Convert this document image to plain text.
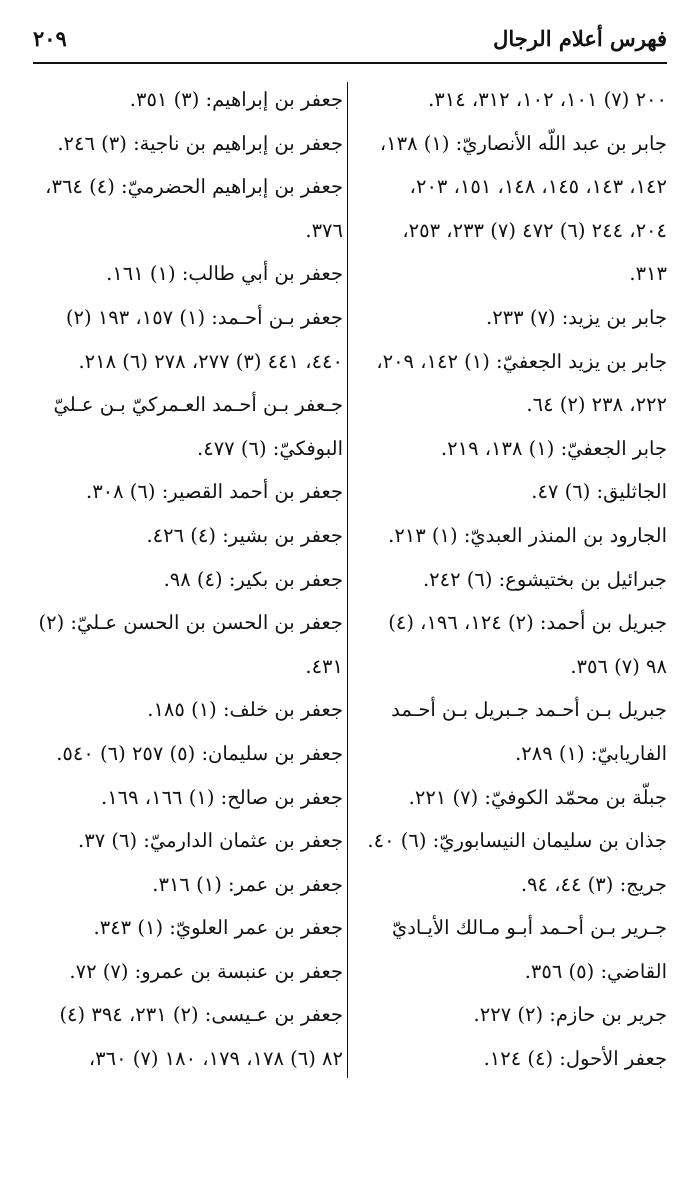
فهرس أعلام الرجال
٢٠٩
٢٠٠ (٧) ١٠١، ١٠٢، ٣١٢، ٣١٤.
جابر بن عبد اللّه الأنصاريّ: (١) ١٣٨،
١٤٢، ١٤٣، ١٤٥، ١٤٨، ١٥١، ٢٠٣،
٢٠٤، ٢٤٤ (٦) ٤٧٢ (٧) ٢٣٣، ٢٥٣،
٣١٣.
جابر بن يزيد: (٧) ٢٣٣.
جابر بن يزيد الجعفيّ: (١) ١٤٢، ٢٠٩،
٢٢٢، ٢٣٨ (٢) ٦٤.
جابر الجعفيّ: (١) ١٣٨، ٢١٩.
الجاثليق: (٦) ٤٧.
الجارود بن المنذر العبديّ: (١) ٢١٣.
جبرائيل بن بختيشوع: (٦) ٢٤٢.
جبريل بن أحمد: (٢) ١٢٤، ١٩٦، (٤)
٩٨ (٧) ٣٥٦.
جبريل بـن أحـمد جـبريل بـن أحـمد
الفاريابيّ: (١) ٢٨٩.
جبلّة بن محمّد الكوفيّ: (٧) ٢٢١.
جذان بن سليمان النيسابوريّ: (٦) ٤٠.
جريج: (٣) ٤٤، ٩٤.
جـرير بـن أحـمد أبـو مـالك الأيـاديّ
القاضي: (٥) ٣٥٦.
جرير بن حازم: (٢) ٢٢٧.
جعفر الأحول: (٤) ١٢٤.
جعفر بن إبراهيم: (٣) ٣٥١.
جعفر بن إبراهيم بن ناجية: (٣) ٢٤٦.
جعفر بن إبراهيم الحضرميّ: (٤) ٣٦٤،
٣٧٦.
جعفر بن أبي طالب: (١) ١٦١.
جعفر بـن أحـمد: (١) ١٥٧، ١٩٣ (٢)
٤٤٠، ٤٤١ (٣) ٢٧٧، ٢٧٨ (٦) ٢١٨.
جـعفر بـن أحـمد العـمركيّ بـن عـليّ
البوفكيّ: (٦) ٤٧٧.
جعفر بن أحمد القصير: (٦) ٣٠٨.
جعفر بن بشير: (٤) ٤٢٦.
جعفر بن بكير: (٤) ٩٨.
جعفر بن الحسن بن الحسن عـليّ: (٢)
٤٣١.
جعفر بن خلف: (١) ١٨٥.
جعفر بن سليمان: (٥) ٢٥٧ (٦) ٥٤٠.
جعفر بن صالح: (١) ١٦٦، ١٦٩.
جعفر بن عثمان الدارميّ: (٦) ٣٧.
جعفر بن عمر: (١) ٣١٦.
جعفر بن عمر العلويّ: (١) ٣٤٣.
جعفر بن عنبسة بن عمرو: (٧) ٧٢.
جعفر بن عـيسى: (٢) ٢٣١، ٣٩٤ (٤)
٨٢ (٦) ١٧٨، ١٧٩، ١٨٠ (٧) ٣٦٠،
